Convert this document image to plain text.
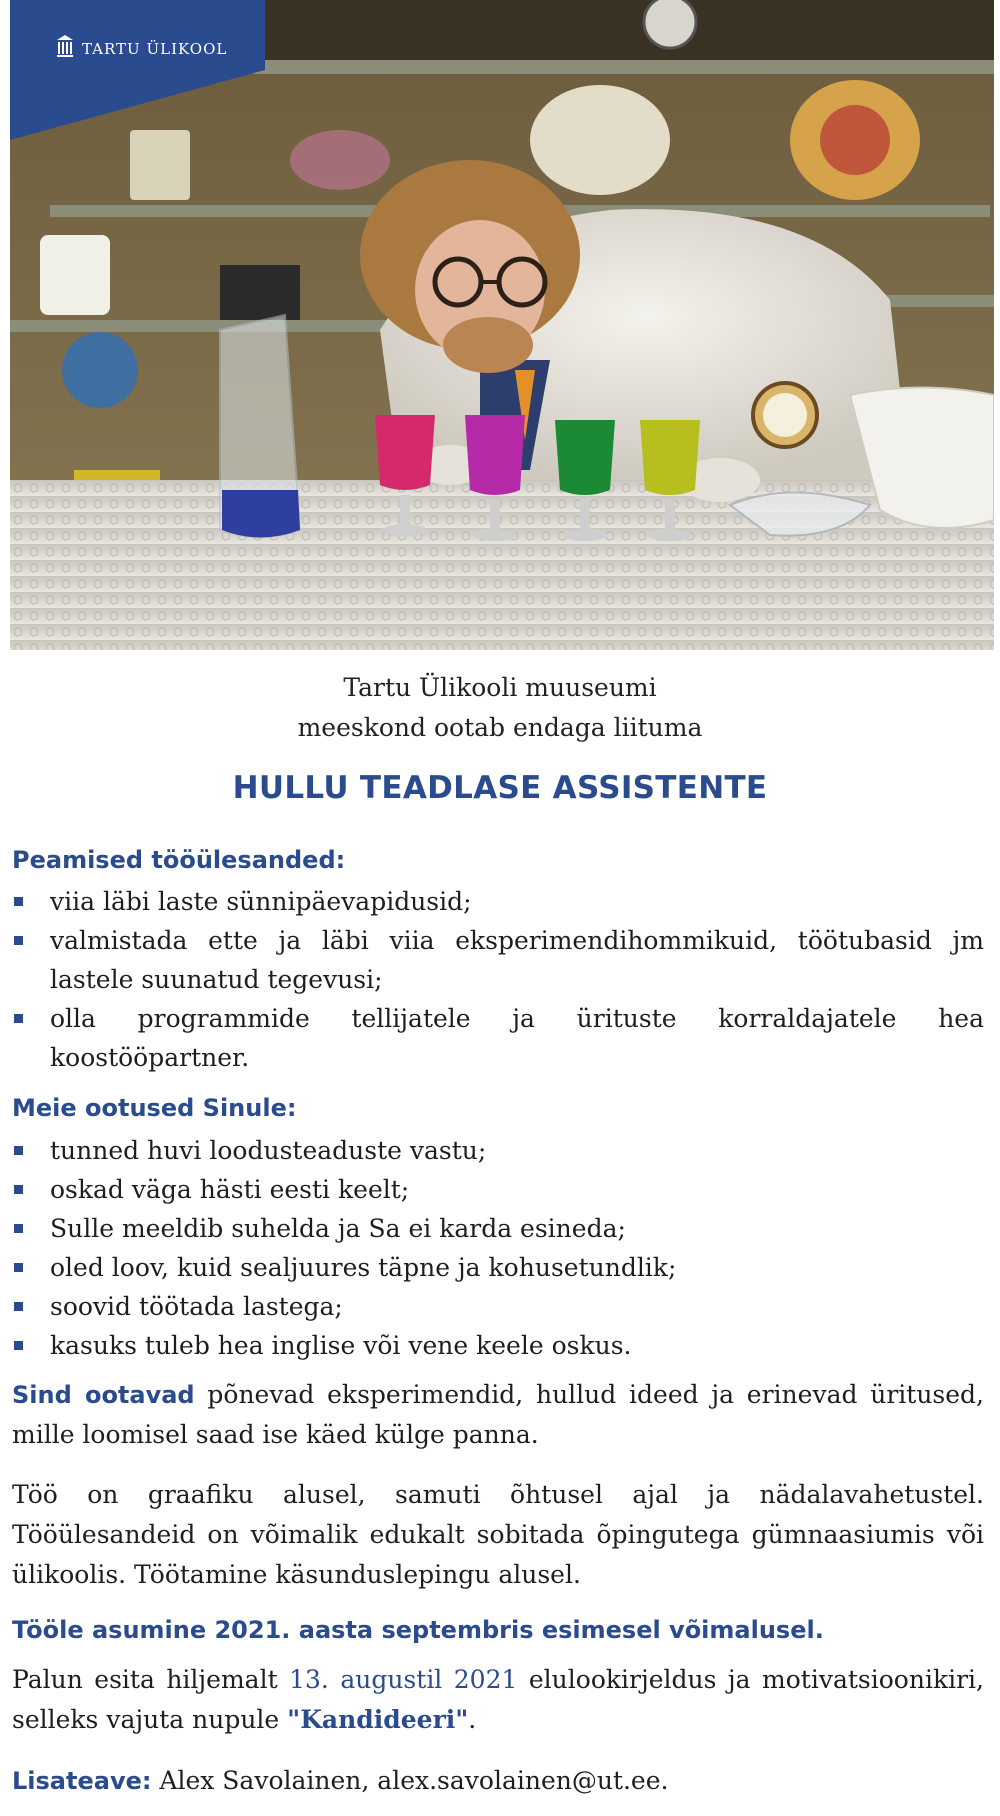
TARTU ÜLIKOOL
Tartu Ülikooli muuseumi
meeskond ootab endaga liituma
HULLU TEADLASE ASSISTENTE
Peamised tööülesanded:
viia läbi laste sünnipäevapidusid;
valmistada ette ja läbi viia eksperimendihommikuid, töötubasid jm lastele suunatud tegevusi;
olla programmide tellijatele ja ürituste korraldajatele hea koostööpartner.
Meie ootused Sinule:
tunned huvi loodusteaduste vastu;
oskad väga hästi eesti keelt;
Sulle meeldib suhelda ja Sa ei karda esineda;
oled loov, kuid sealjuures täpne ja kohusetundlik;
soovid töötada lastega;
kasuks tuleb hea inglise või vene keele oskus.
Sind ootavad põnevad eksperimendid, hullud ideed ja erinevad üritused, mille loomisel saad ise käed külge panna.
Töö on graafiku alusel, samuti õhtusel ajal ja nädalavahetustel. Tööülesandeid on võimalik edukalt sobitada õpingutega gümnaasiumis või ülikoolis. Töötamine käsunduslepingu alusel.
Tööle asumine 2021. aasta septembris esimesel võimalusel.
Palun esita hiljemalt 13. augustil 2021 elulookirjeldus ja motivatsioonikiri, selleks vajuta nupule "Kandideeri".
Lisateave: Alex Savolainen, alex.savolainen@ut.ee.
